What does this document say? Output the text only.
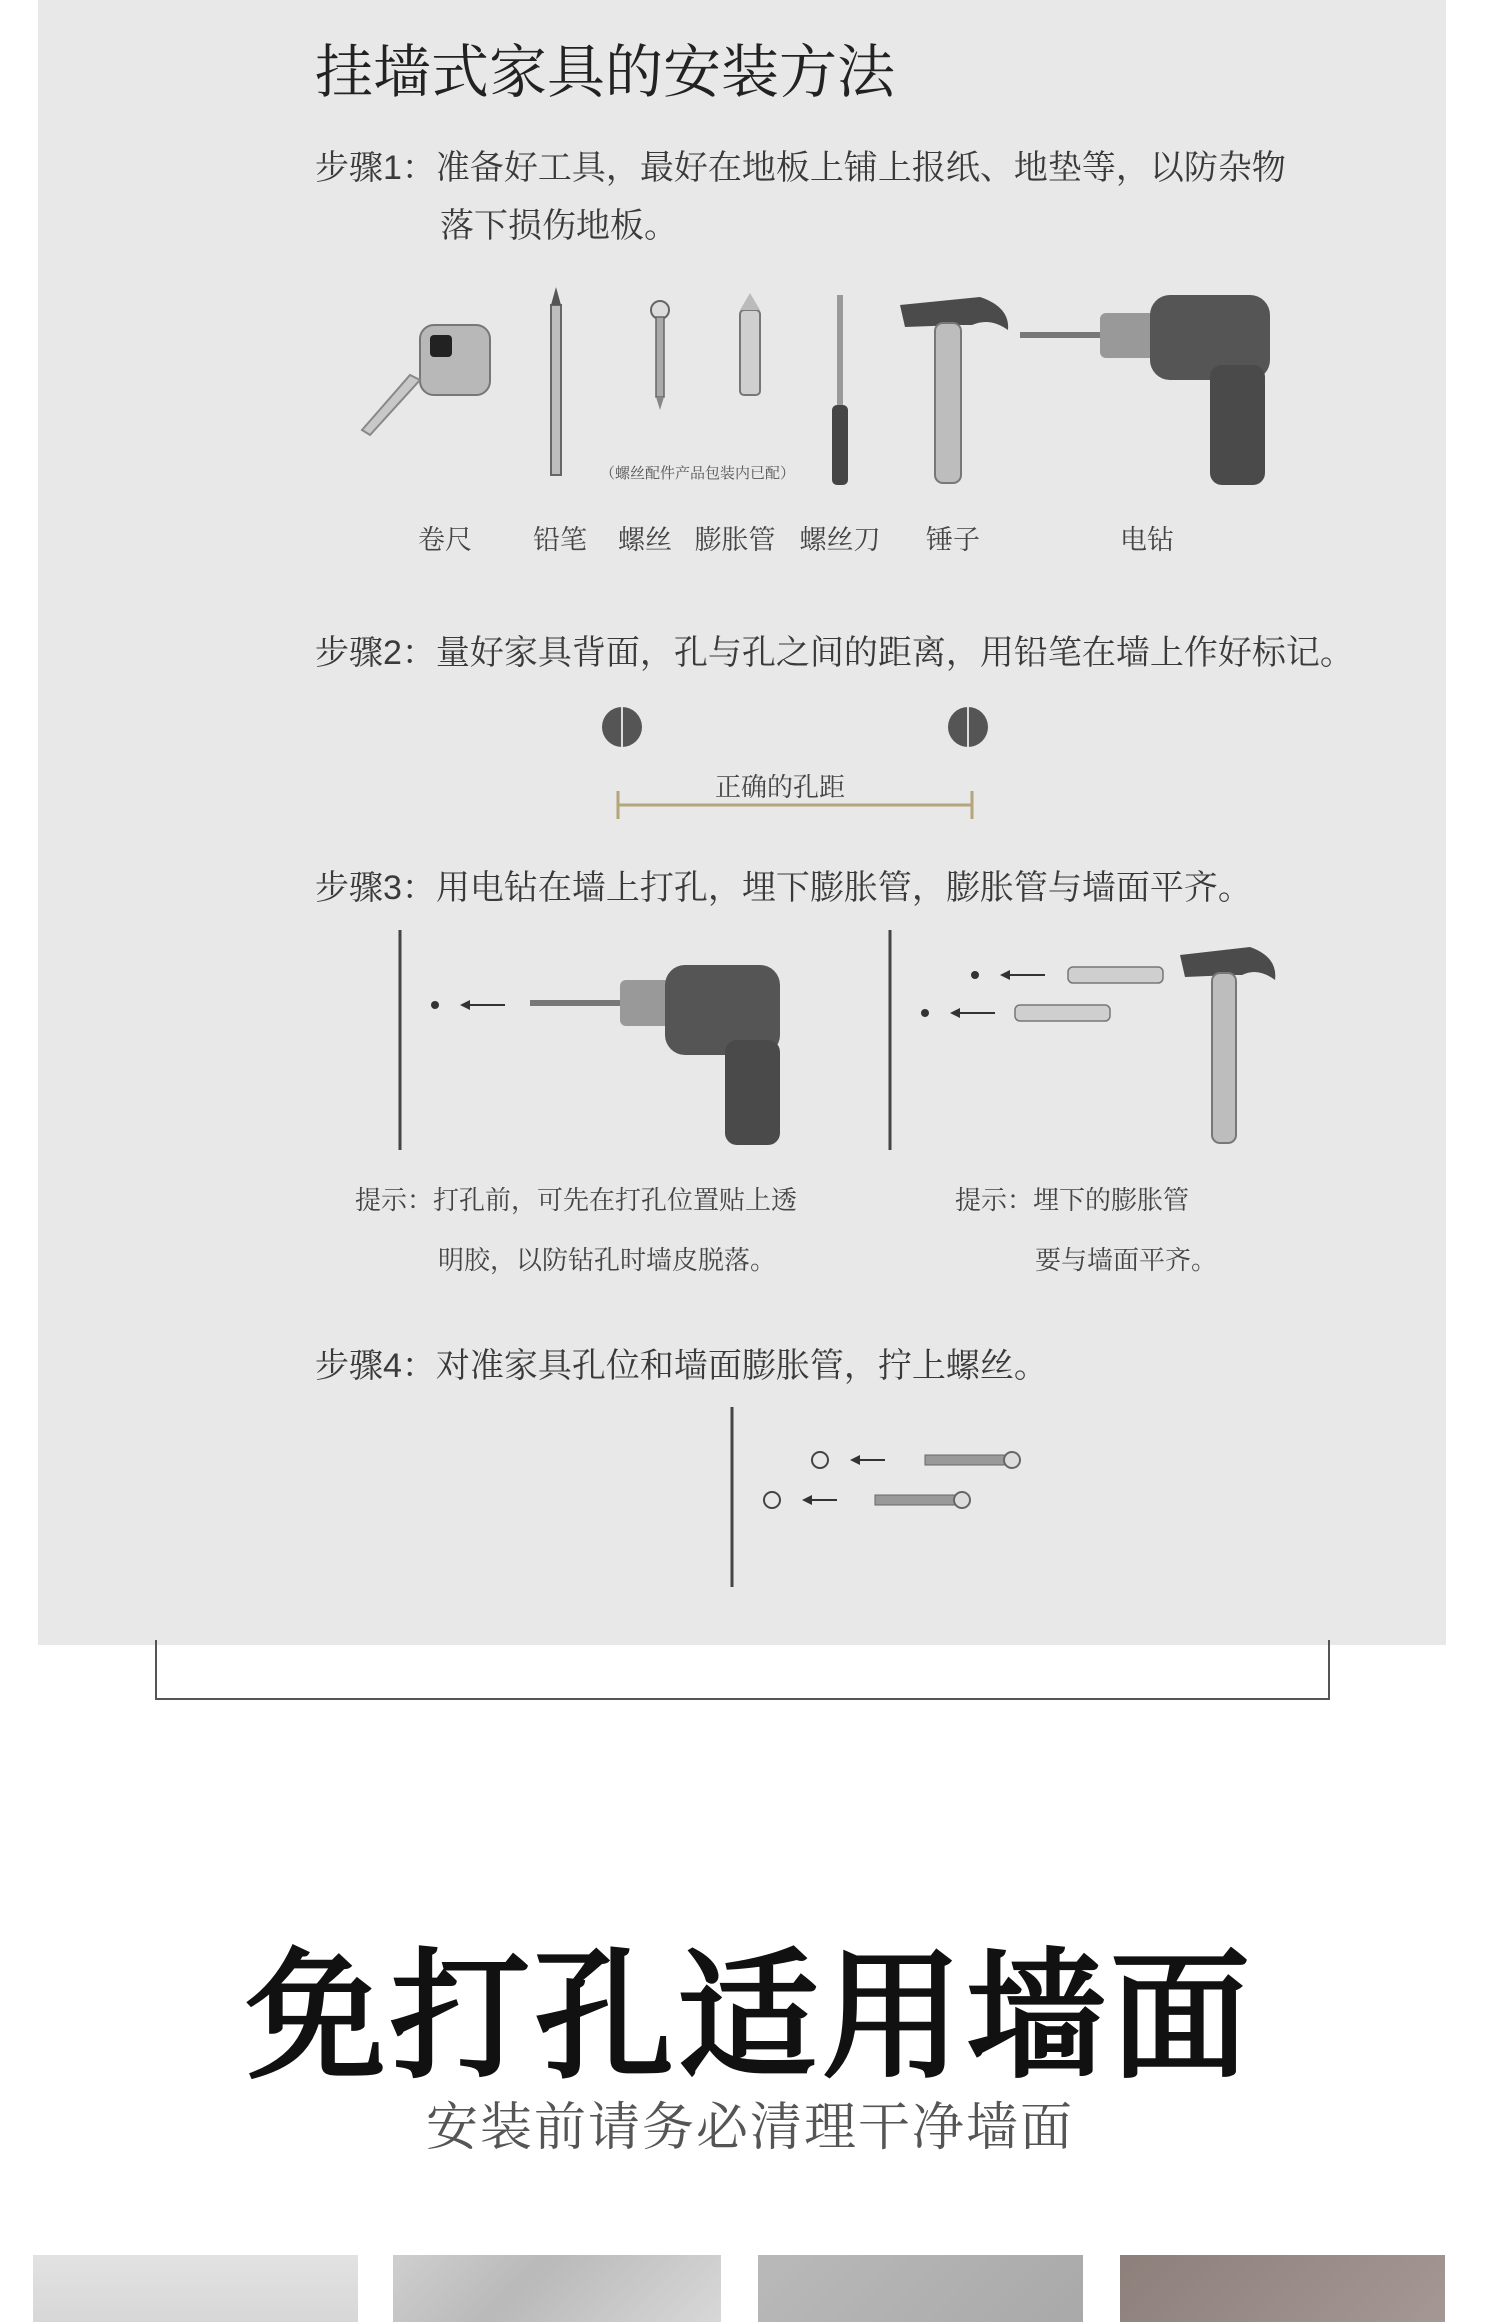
挂墙式家具的安装方法
步骤1：准备好工具，最好在地板上铺上报纸、地垫等，以防杂物
落下损伤地板。
（螺丝配件产品包装内已配）
卷尺	铅笔	螺丝 膨胀管 螺丝刀	锤子	电钻
步骤2：量好家具背面，孔与孔之间的距离，用铅笔在墙上作好标记。
正确的孔距
步骤3：用电钻在墙上打孔，埋下膨胀管，膨胀管与墙面平齐。
提示：打孔前，可先在打孔位置贴上透
明胶，以防钻孔时墙皮脱落。
提示：埋下的膨胀管
要与墙面平齐。
步骤4：对准家具孔位和墙面膨胀管，拧上螺丝。
免打孔适用墙面
安装前请务必清理干净墙面
